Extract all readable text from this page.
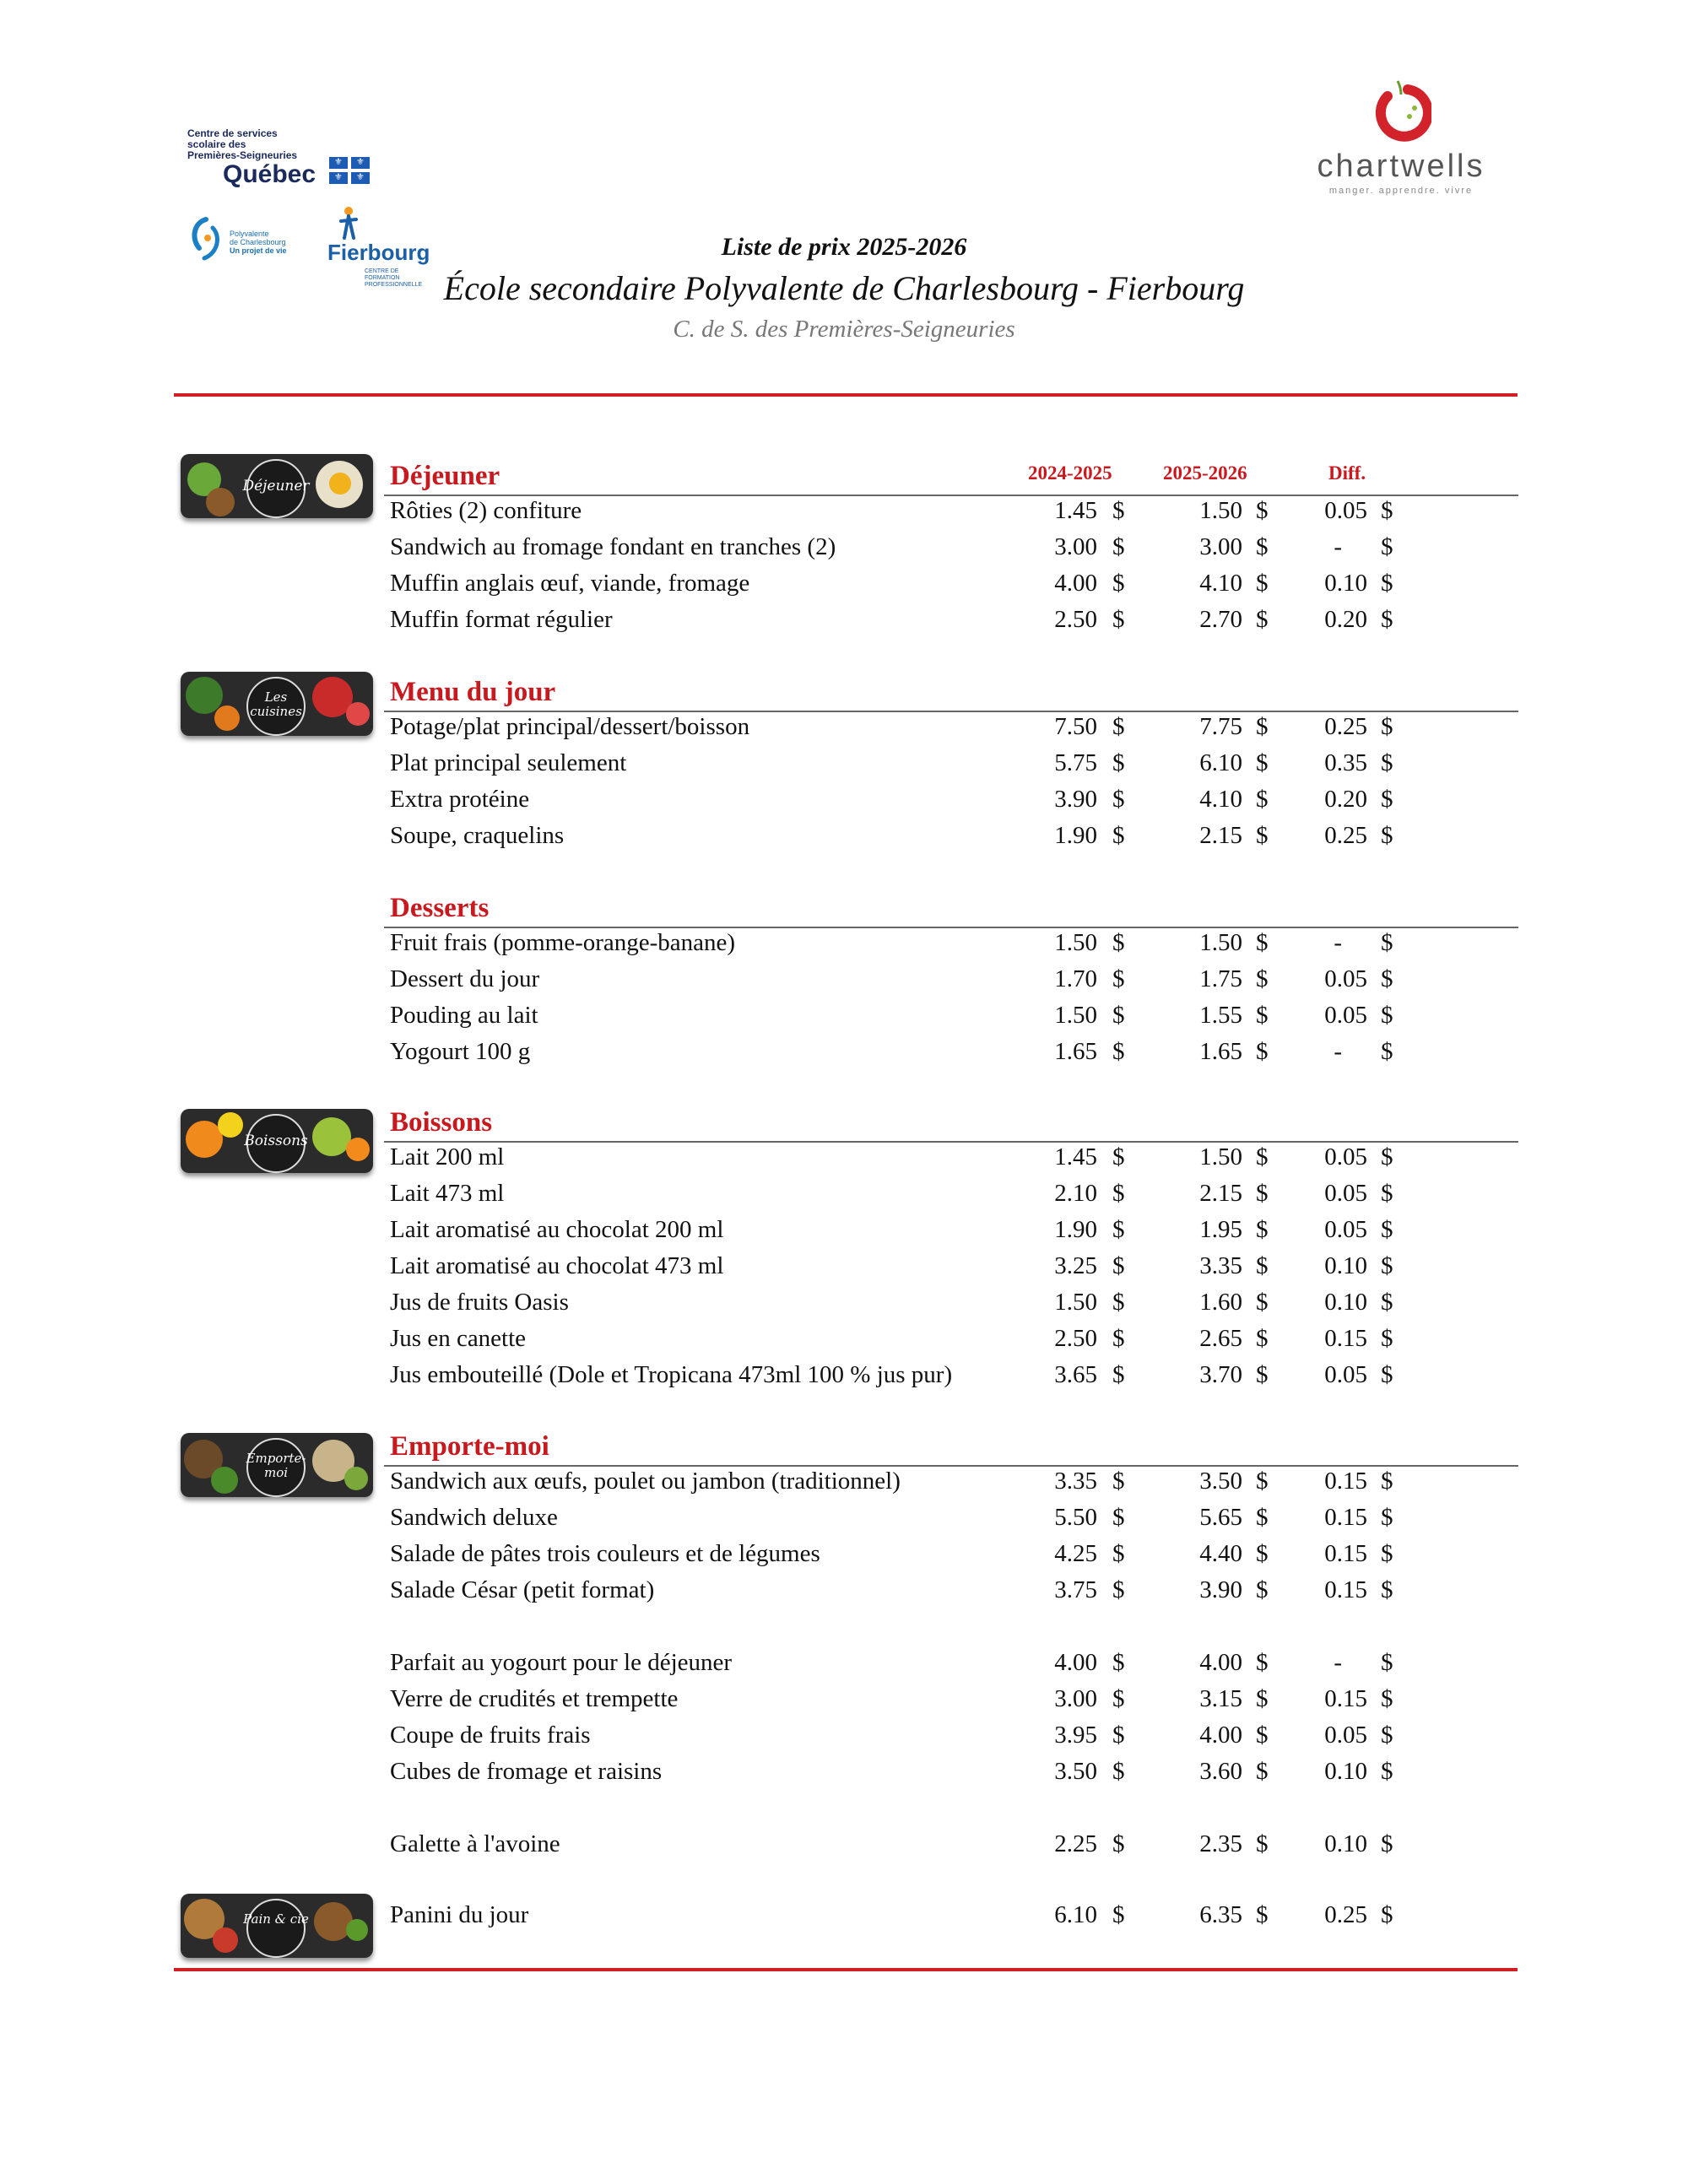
Centre de services
scolaire des
Premières-Seigneuries
Québec ⚜ ⚜
⚜ ⚜
Polyvalente
de Charlesbourg
Un projet de vie Fierbourg
CENTRE DE FORMATION
PROFESSIONNELLE
chartwells
manger. apprendre. vivre
Liste de prix 2025-2026
École secondaire Polyvalente de Charlesbourg - Fierbourg
C. de S. des Premières-Seigneuries
2024-2025	2025-2026	Diff.
Déjeuner
Les cuisines
Boissons
Emporte-moi
Pain & cie
Déjeuner
Rôties (2) confiture	1.45 $	1.50 $	0.05 $
Sandwich au fromage fondant en tranches (2)	3.00 $	3.00 $	- $
Muffin anglais œuf, viande, fromage	4.00 $	4.10 $	0.10 $
Muffin format régulier	2.50 $	2.70 $	0.20 $
Menu du jour
Potage/plat principal/dessert/boisson	7.50 $	7.75 $	0.25 $
Plat principal seulement	5.75 $	6.10 $	0.35 $
Extra protéine	3.90 $	4.10 $	0.20 $
Soupe, craquelins	1.90 $	2.15 $	0.25 $
Desserts
Fruit frais (pomme-orange-banane)	1.50 $	1.50 $	- $
Dessert du jour	1.70 $	1.75 $	0.05 $
Pouding au lait	1.50 $	1.55 $	0.05 $
Yogourt 100 g	1.65 $	1.65 $	- $
Boissons
Lait 200 ml	1.45 $	1.50 $	0.05 $
Lait 473 ml	2.10 $	2.15 $	0.05 $
Lait aromatisé au chocolat 200 ml	1.90 $	1.95 $	0.05 $
Lait aromatisé au chocolat 473 ml	3.25 $	3.35 $	0.10 $
Jus de fruits Oasis	1.50 $	1.60 $	0.10 $
Jus en canette	2.50 $	2.65 $	0.15 $
Jus embouteillé (Dole et Tropicana 473ml 100 % jus pur)	3.65 $	3.70 $	0.05 $
Emporte-moi
Sandwich aux œufs, poulet ou jambon (traditionnel)	3.35 $	3.50 $	0.15 $
Sandwich deluxe	5.50 $	5.65 $	0.15 $
Salade de pâtes trois couleurs et de légumes	4.25 $	4.40 $	0.15 $
Salade César (petit format)	3.75 $	3.90 $	0.15 $
Parfait au yogourt pour le déjeuner	4.00 $	4.00 $	- $
Verre de crudités et trempette	3.00 $	3.15 $	0.15 $
Coupe de fruits frais	3.95 $	4.00 $	0.05 $
Cubes de fromage et raisins	3.50 $	3.60 $	0.10 $
Galette à l'avoine	2.25 $	2.35 $	0.10 $
Panini du jour	6.10 $	6.35 $	0.25 $
